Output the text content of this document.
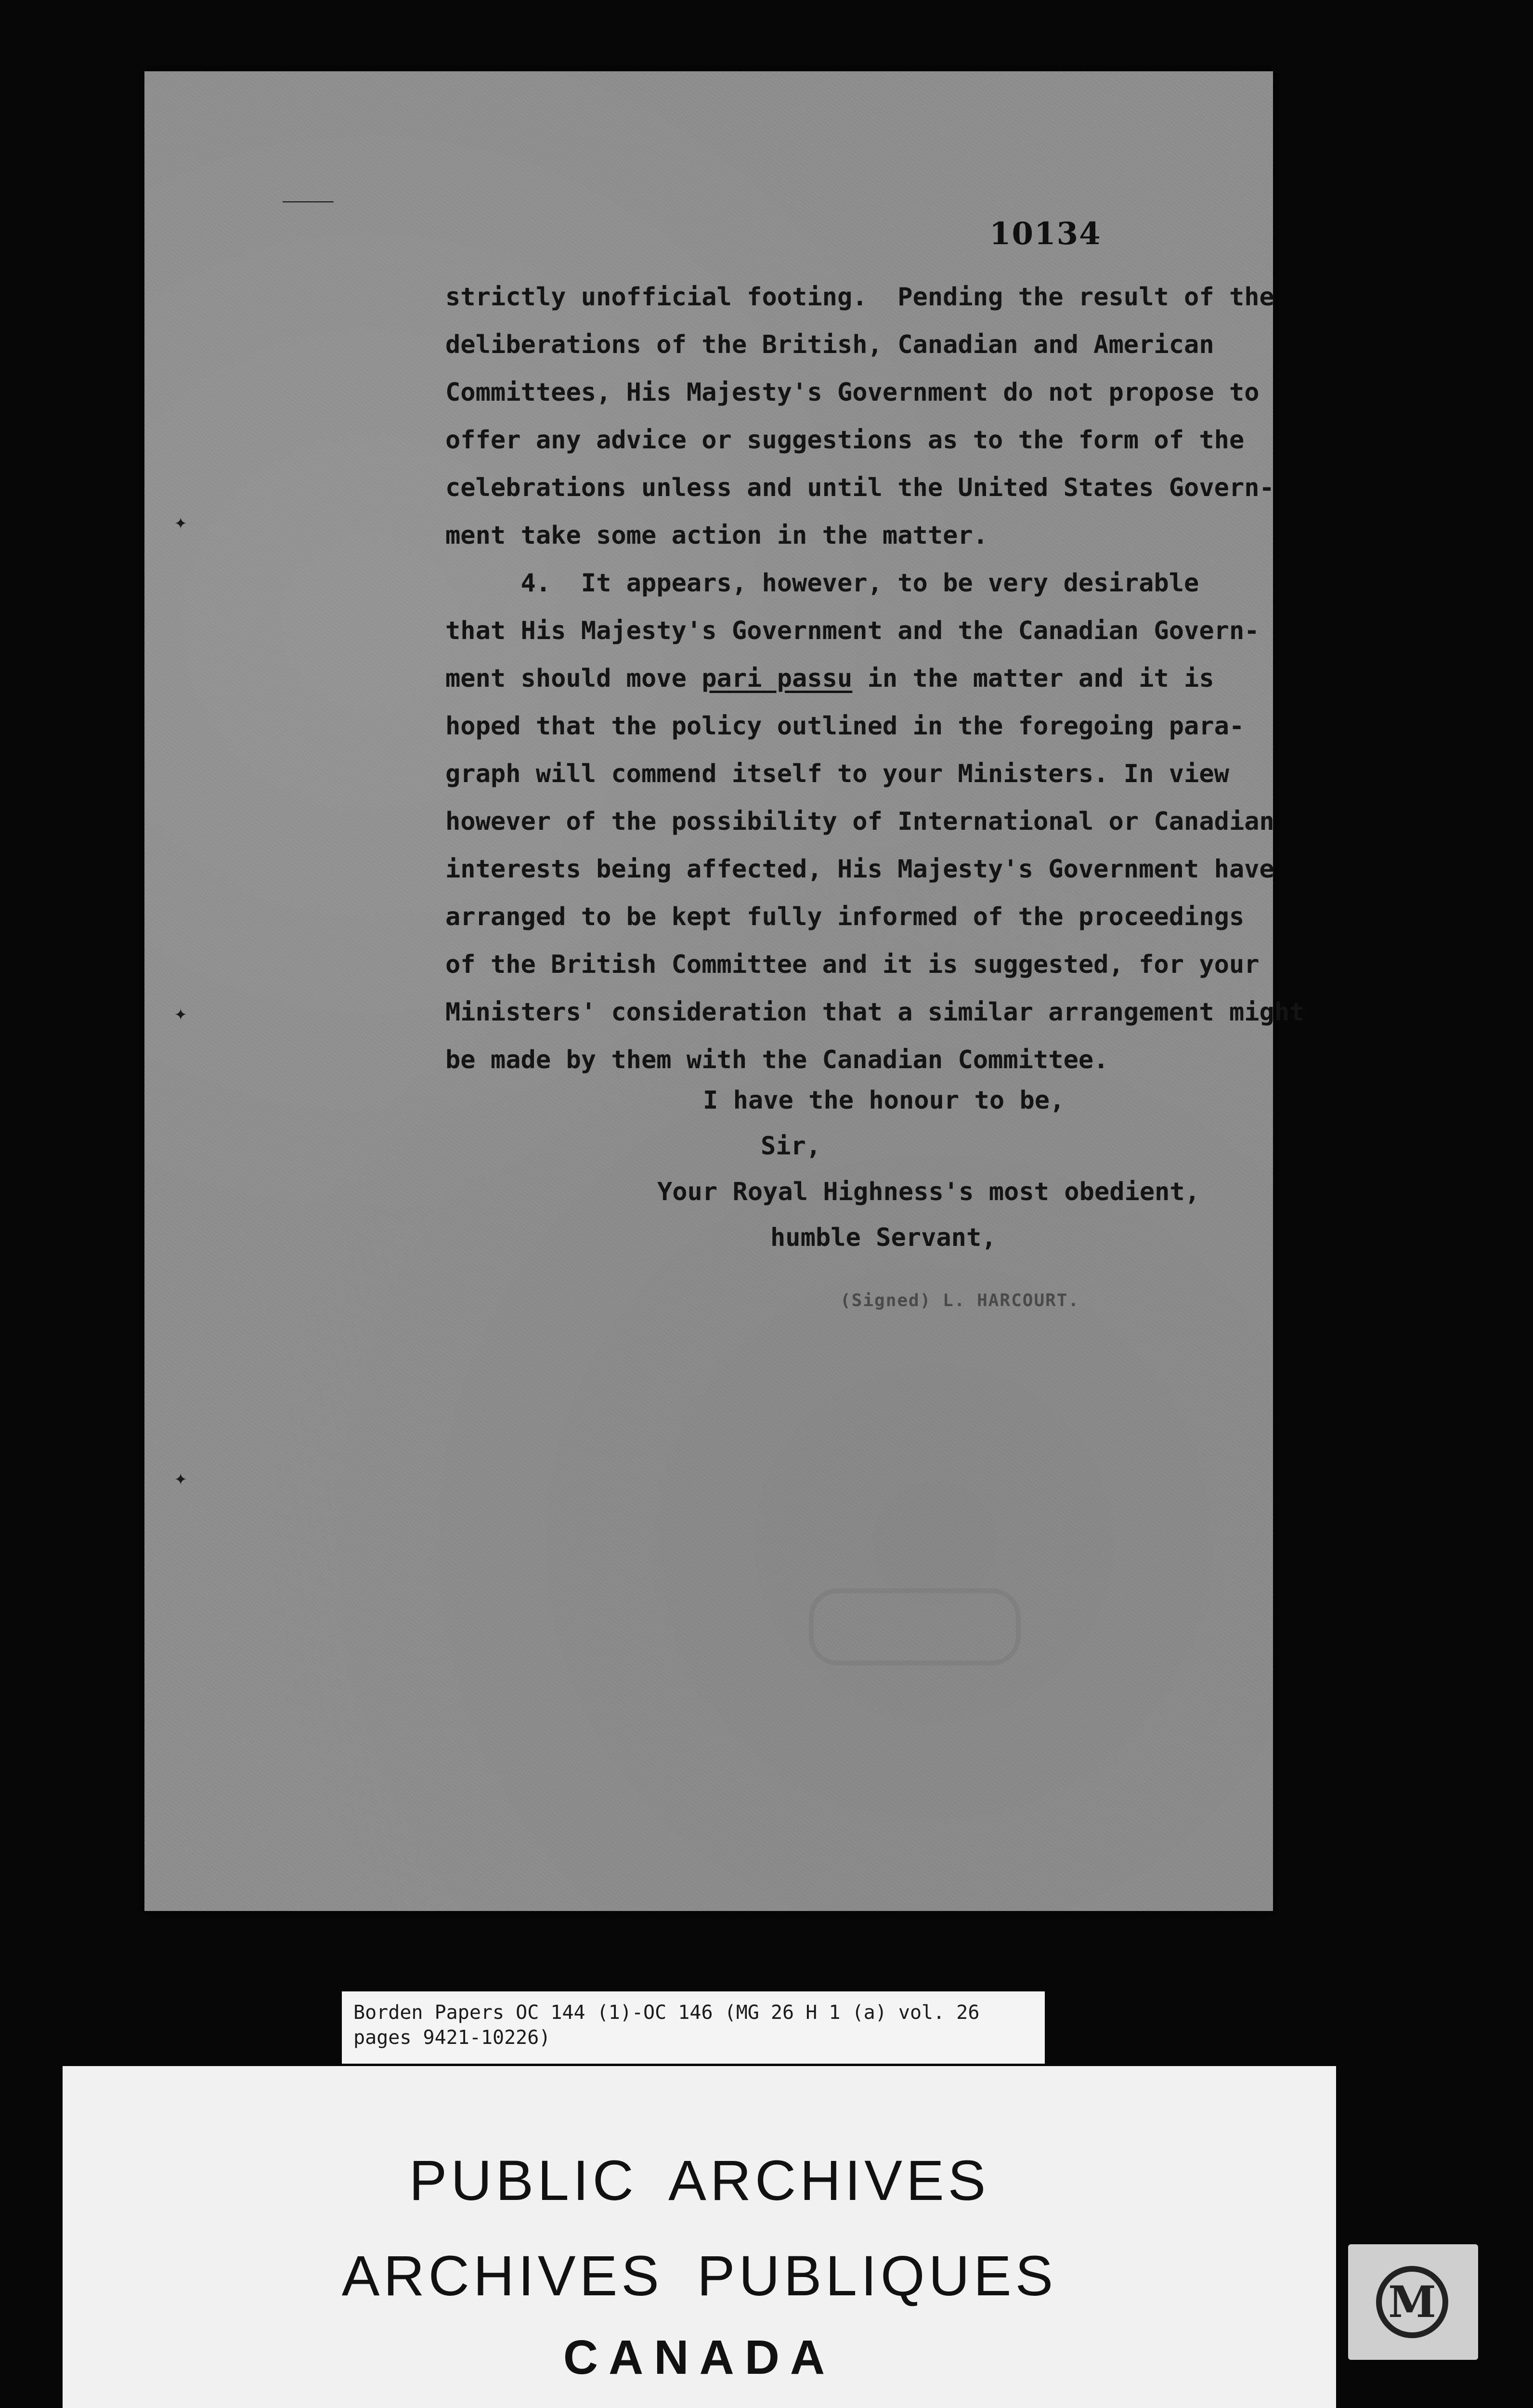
10134
strictly unofficial footing.  Pending the result of the
deliberations of the British, Canadian and American
Committees, His Majesty's Government do not propose to
offer any advice or suggestions as to the form of the
celebrations unless and until the United States Govern-
ment take some action in the matter.
4.  It appears, however, to be very desirable
that His Majesty's Government and the Canadian Govern-
ment should move pari passu in the matter and it is
hoped that the policy outlined in the foregoing para-
graph will commend itself to your Ministers. In view
however of the possibility of International or Canadian
interests being affected, His Majesty's Government have
arranged to be kept fully informed of the proceedings
of the British Committee and it is suggested, for your
Ministers' consideration that a similar arrangement might
be made by them with the Canadian Committee.
⸻
✦
✦
✦
I have the honour to be,
Sir,
Your Royal Highness's most obedient,
humble Servant,
(Signed) L. HARCOURT.
Borden Papers OC 144 (1)-OC 146 (MG 26 H 1 (a) vol. 26
pages 9421-10226)
PUBLIC ARCHIVES
ARCHIVES PUBLIQUES
CANADA
M
